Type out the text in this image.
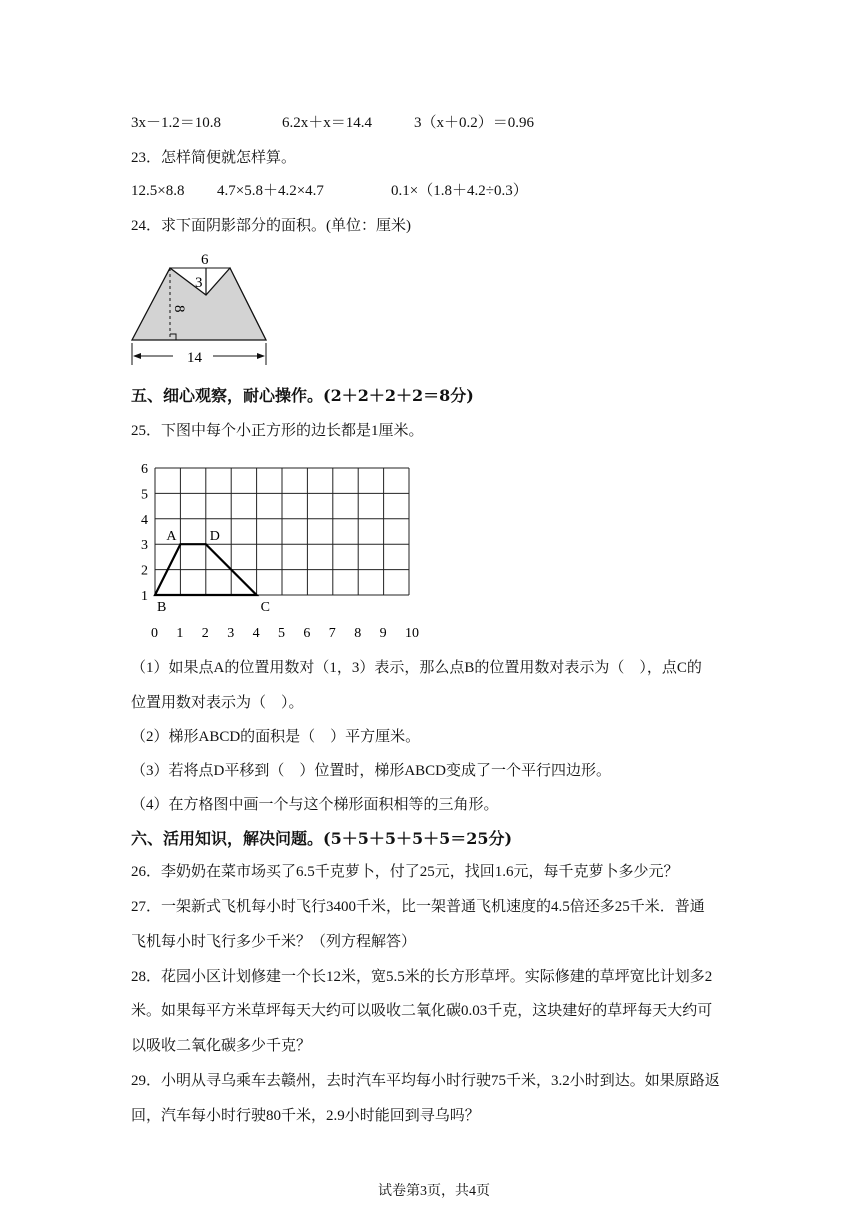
3x－1.2＝10.8	6.2x＋x＝14.4	3（x＋0.2）＝0.96
23．怎样简便就怎样算。
12.5×8.8 4.7×5.8＋4.2×4.7	0.1×（1.8＋4.2÷0.3）
24．求下面阴影部分的面积。(单位：厘米)
6
3
8
14
五、细心观察，耐心操作。(2＋2＋2＋2＝8分)
25．下图中每个小正方形的边长都是1厘米。
0 1 2 3 4 5 6 7 8 9 10
1
2
3
4
5
6
A D
C
B
（1）如果点A的位置用数对（1，3）表示，那么点B的位置用数对表示为（　），点C的
位置用数对表示为（　）。
（2）梯形ABCD的面积是（　）平方厘米。
（3）若将点D平移到（　）位置时，梯形ABCD变成了一个平行四边形。
（4）在方格图中画一个与这个梯形面积相等的三角形。
六、活用知识，解决问题。(5＋5＋5＋5＋5＝25分)
26．李奶奶在菜市场买了6.5千克萝卜，付了25元，找回1.6元，每千克萝卜多少元？
27．一架新式飞机每小时飞行3400千米，比一架普通飞机速度的4.5倍还多25千米．普通
飞机每小时飞行多少千米？（列方程解答）
28．花园小区计划修建一个长12米，宽5.5米的长方形草坪。实际修建的草坪宽比计划多2
米。如果每平方米草坪每天大约可以吸收二氧化碳0.03千克，这块建好的草坪每天大约可
以吸收二氧化碳多少千克？
29．小明从寻乌乘车去赣州，去时汽车平均每小时行驶75千米，3.2小时到达。如果原路返
回，汽车每小时行驶80千米，2.9小时能回到寻乌吗？
试卷第3页，共4页
